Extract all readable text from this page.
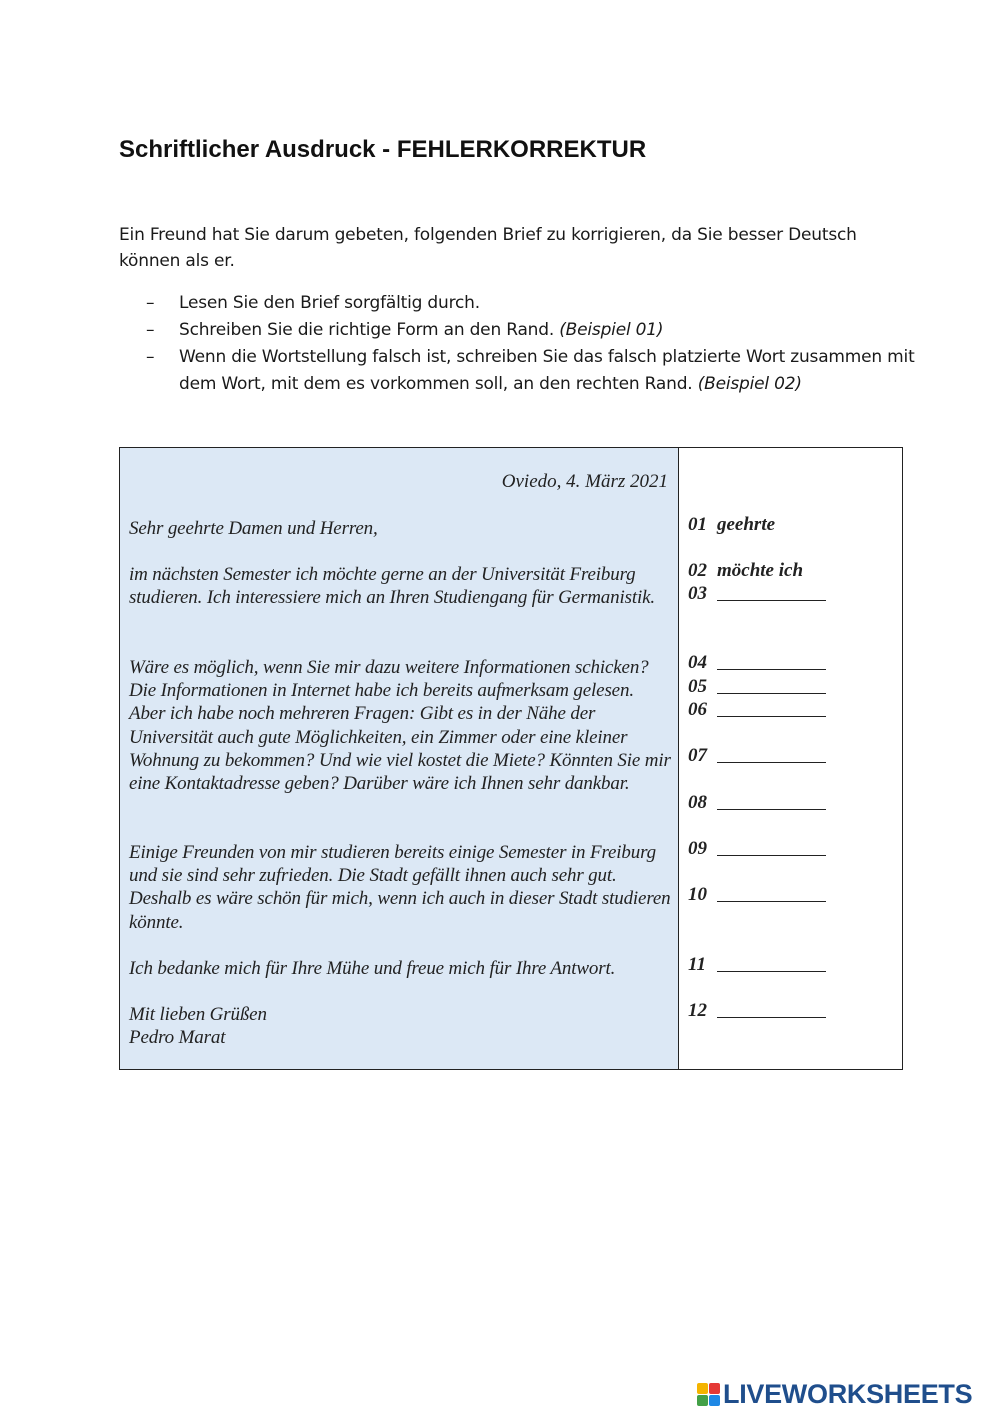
Schriftlicher Ausdruck - FEHLERKORREKTUR

Ein Freund hat Sie darum gebeten, folgenden Brief zu korrigieren, da Sie besser Deutsch können als er.

– Lesen Sie den Brief sorgfältig durch.
– Schreiben Sie die richtige Form an den Rand. (Beispiel 01)
– Wenn die Wortstellung falsch ist, schreiben Sie das falsch platzierte Wort zusammen mit dem Wort, mit dem es vorkommen soll, an den rechten Rand. (Beispiel 02)
Oviedo, 4. März 2021

Sehr geehrte Damen und Herren,

im nächsten Semester ich möchte gerne an der Universität Freiburg studieren. Ich interessiere mich an Ihren Studiengang für Germanistik.

Wäre es möglich, wenn Sie mir dazu weitere Informationen schicken? Die Informationen in Internet habe ich bereits aufmerksam gelesen. Aber ich habe noch mehreren Fragen: Gibt es in der Nähe der Universität auch gute Möglichkeiten, ein Zimmer oder eine kleiner Wohnung zu bekommen? Und wie viel kostet die Miete? Könnten Sie mir eine Kontaktadresse geben? Darüber wäre ich Ihnen sehr dankbar.

Einige Freunden von mir studieren bereits einige Semester in Freiburg und sie sind sehr zufrieden. Die Stadt gefällt ihnen auch sehr gut. Deshalb es wäre schön für mich, wenn ich auch in dieser Stadt studieren könnte.

Ich bedanke mich für Ihre Mühe und freue mich für Ihre Antwort.

Mit lieben Grüßen

Pedro Marat

01 geehrte
02 möchte ich
03
04
05
06
07
08
09
10
11
12
LIVEWORKSHEETS
